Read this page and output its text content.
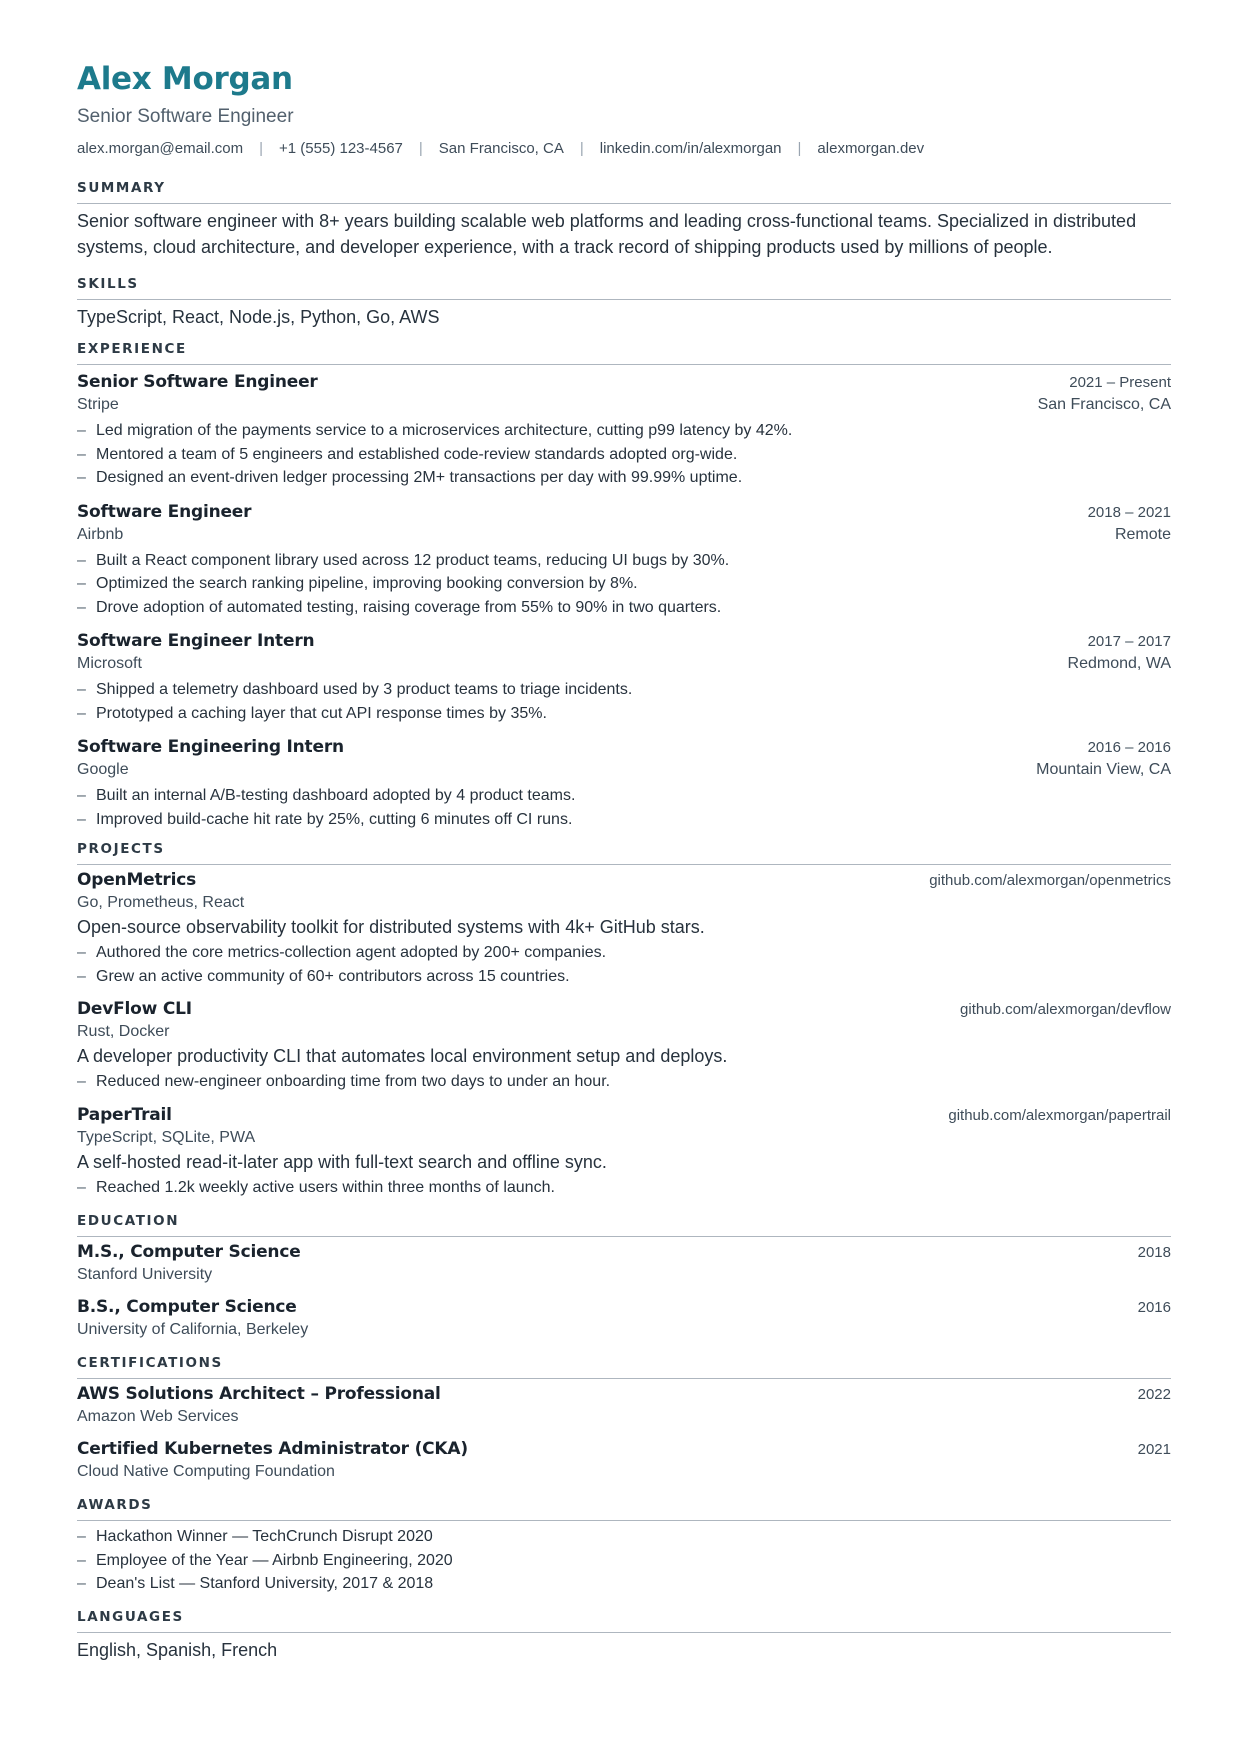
Alex Morgan
Senior Software Engineer
alex.morgan@email.com | +1 (555) 123-4567 | San Francisco, CA | linkedin.com/in/alexmorgan | alexmorgan.dev
SUMMARY
Senior software engineer with 8+ years building scalable web platforms and leading cross-functional teams. Specialized in distributed systems, cloud architecture, and developer experience, with a track record of shipping products used by millions of people.
SKILLS
TypeScript, React, Node.js, Python, Go, AWS
EXPERIENCE
Senior Software Engineer	2021 – Present
Stripe	San Francisco, CA
– Led migration of the payments service to a microservices architecture, cutting p99 latency by 42%.
– Mentored a team of 5 engineers and established code-review standards adopted org-wide.
– Designed an event-driven ledger processing 2M+ transactions per day with 99.99% uptime.
Software Engineer	2018 – 2021
Airbnb	Remote
– Built a React component library used across 12 product teams, reducing UI bugs by 30%.
– Optimized the search ranking pipeline, improving booking conversion by 8%.
– Drove adoption of automated testing, raising coverage from 55% to 90% in two quarters.
Software Engineer Intern	2017 – 2017
Microsoft	Redmond, WA
– Shipped a telemetry dashboard used by 3 product teams to triage incidents.
– Prototyped a caching layer that cut API response times by 35%.
Software Engineering Intern	2016 – 2016
Google	Mountain View, CA
– Built an internal A/B-testing dashboard adopted by 4 product teams.
– Improved build-cache hit rate by 25%, cutting 6 minutes off CI runs.
PROJECTS
OpenMetrics	github.com/alexmorgan/openmetrics
Go, Prometheus, React
Open-source observability toolkit for distributed systems with 4k+ GitHub stars.
– Authored the core metrics-collection agent adopted by 200+ companies.
– Grew an active community of 60+ contributors across 15 countries.
DevFlow CLI	github.com/alexmorgan/devflow
Rust, Docker
A developer productivity CLI that automates local environment setup and deploys.
– Reduced new-engineer onboarding time from two days to under an hour.
PaperTrail	github.com/alexmorgan/papertrail
TypeScript, SQLite, PWA
A self-hosted read-it-later app with full-text search and offline sync.
– Reached 1.2k weekly active users within three months of launch.
EDUCATION
M.S., Computer Science	2018
Stanford University
B.S., Computer Science	2016
University of California, Berkeley
CERTIFICATIONS
AWS Solutions Architect – Professional	2022
Amazon Web Services
Certified Kubernetes Administrator (CKA)	2021
Cloud Native Computing Foundation
AWARDS
– Hackathon Winner — TechCrunch Disrupt 2020
– Employee of the Year — Airbnb Engineering, 2020
– Dean's List — Stanford University, 2017 & 2018
LANGUAGES
English, Spanish, French
